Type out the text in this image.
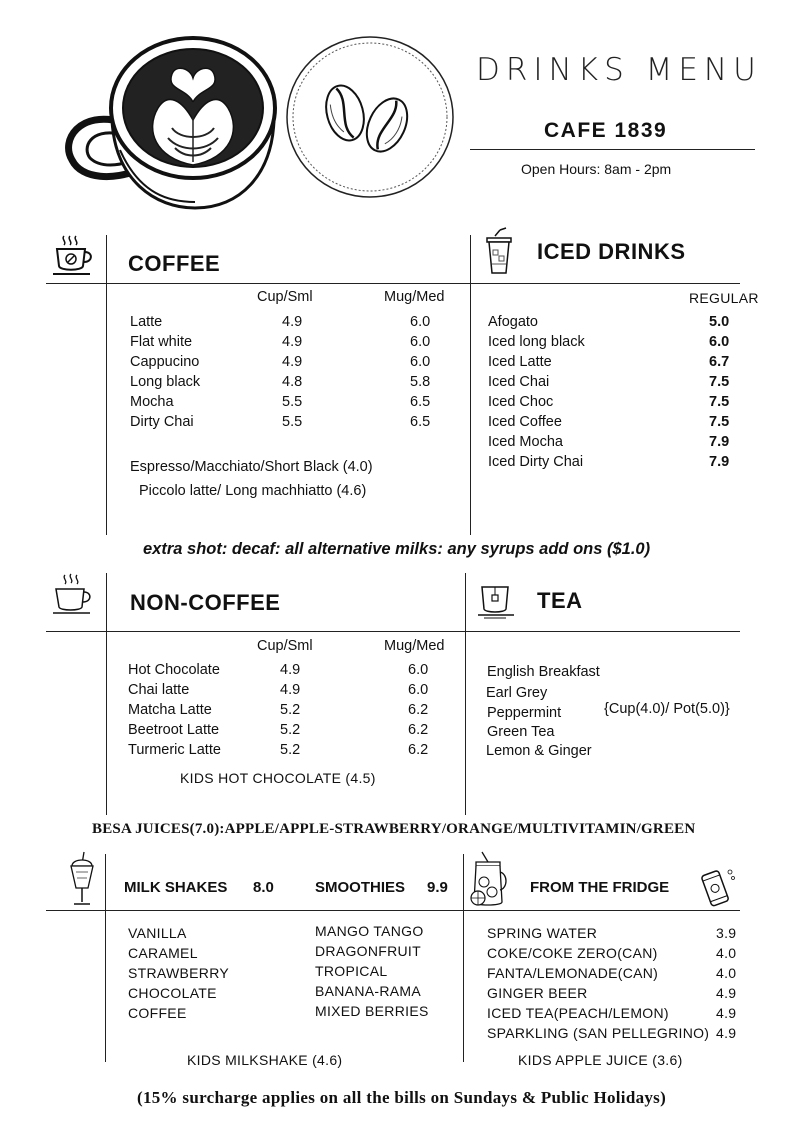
DRINKS MENU
CAFE 1839
Open Hours: 8am - 2pm
COFFEE
Cup/Sml	Mug/Med
Espresso/Macchiato/Short Black (4.0)
Piccolo latte/ Long machhiatto (4.6)
ICED DRINKS
REGULAR
extra shot: decaf: all alternative milks: any syrups add ons ($1.0)
NON-COFFEE
Cup/Sml	Mug/Med
KIDS HOT CHOCOLATE (4.5)
TEA
{Cup(4.0)/ Pot(5.0)}
BESA JUICES(7.0):APPLE/APPLE-STRAWBERRY/ORANGE/MULTIVITAMIN/GREEN
MILK SHAKES 8.0	SMOOTHIES 9.9
KIDS MILKSHAKE (4.6)
FROM THE FRIDGE
KIDS APPLE JUICE (3.6)
(15% surcharge applies on all the bills on Sundays & Public Holidays)
Latte	4.9	6.0
Flat white	4.9	6.0
Cappucino	4.9	6.0
Long black	4.8	5.8
Mocha	5.5	6.5
Dirty Chai	5.5	6.5
Afogato	5.0
Iced long black	6.0
Iced Latte	6.7
Iced Chai	7.5
Iced Choc	7.5
Iced Coffee	7.5
Iced Mocha	7.9
Iced Dirty Chai	7.9
Hot Chocolate	4.9	6.0
Chai latte	4.9	6.0
Matcha Latte	5.2	6.2
Beetroot Latte	5.2	6.2
Turmeric Latte	5.2	6.2
English Breakfast
Earl Grey
Peppermint
Green Tea
Lemon & Ginger
VANILLA
CARAMEL
STRAWBERRY
CHOCOLATE
COFFEE
MANGO TANGO
DRAGONFRUIT
TROPICAL
BANANA-RAMA
MIXED BERRIES
SPRING WATER	3.9
COKE/COKE ZERO(CAN)	4.0
FANTA/LEMONADE(CAN)	4.0
GINGER BEER	4.9
ICED TEA(PEACH/LEMON)	4.9
SPARKLING (SAN PELLEGRINO) 4.9
